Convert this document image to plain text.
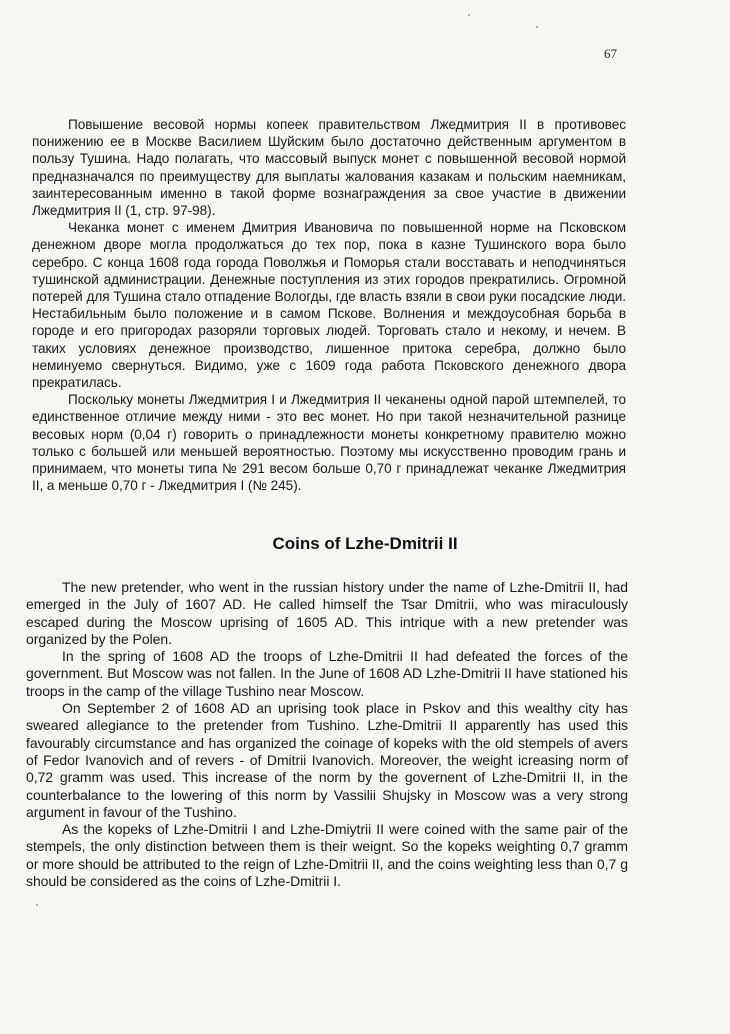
67

Повышение весовой нормы копеек правительством Лжедмитрия II в противовес понижению ее в Москве Василием Шуйским было достаточно действенным аргументом в пользу Тушина. Надо полагать, что массовый выпуск монет с повышенной весовой нормой предназначался по преимуществу для выплаты жалования казакам и польским наемникам, заинтересованным именно в такой форме вознаграждения за свое участие в движении Лжедмитрия II (1, стр. 97-98).

Чеканка монет с именем Дмитрия Ивановича по повышенной норме на Псковском денежном дворе могла продолжаться до тех пор, пока в казне Тушинского вора было серебро. С конца 1608 года города Поволжья и Поморья стали восставать и неподчиняться тушинской администрации. Денежные поступления из этих городов прекратились. Огромной потерей для Тушина стало отпадение Вологды, где власть взяли в свои руки посадские люди. Нестабильным было положение и в самом Пскове. Волнения и междоусобная борьба в городе и его пригородах разоряли торговых людей. Торговать стало и некому, и нечем. В таких условиях денежное производство, лишенное притока серебра, должно было неминуемо свернуться. Видимо, уже с 1609 года работа Псковского денежного двора прекратилась.

Поскольку монеты Лжедмитрия I и Лжедмитрия II чеканены одной парой штемпелей, то единственное отличие между ними - это вес монет. Но при такой незначительной разнице весовых норм (0,04 г) говорить о принадлежности монеты конкретному правителю можно только с большей или меньшей вероятностью. Поэтому мы искусственно проводим грань и принимаем, что монеты типа № 291 весом больше 0,70 г принадлежат чеканке Лжедмитрия II, а меньше 0,70 г - Лжедмитрия I (№ 245).

Coins of Lzhe-Dmitrii II

The new pretender, who went in the russian history under the name of Lzhe-Dmitrii II, had emerged in the July of 1607 AD. He called himself the Tsar Dmitrii, who was miraculously escaped during the Moscow uprising of 1605 AD. This intrique with a new pretender was organized by the Polen.

In the spring of 1608 AD the troops of Lzhe-Dmitrii II had defeated the forces of the government. But Moscow was not fallen. In the June of 1608 AD Lzhe-Dmitrii II have stationed his troops in the camp of the village Tushino near Moscow.

On September 2 of 1608 AD an uprising took place in Pskov and this wealthy city has sweared allegiance to the pretender from Tushino. Lzhe-Dmitrii II apparently has used this favourably circumstance and has organized the coinage of kopeks with the old stempels of avers of Fedor Ivanovich and of revers - of Dmitrii Ivanovich. Moreover, the weight icreasing norm of 0,72 gramm was used. This increase of the norm by the governent of Lzhe-Dmitrii II, in the counterbalance to the lowering of this norm by Vassilii Shujsky in Moscow was a very strong argument in favour of the Tushino.

As the kopeks of Lzhe-Dmitrii I and Lzhe-Dmiytrii II were coined with the same pair of the stempels, the only distinction between them is their weignt. So the kopeks weighting 0,7 gramm or more should be attributed to the reign of Lzhe-Dmitrii II, and the coins weighting less than 0,7 g should be considered as the coins of Lzhe-Dmitrii I.
